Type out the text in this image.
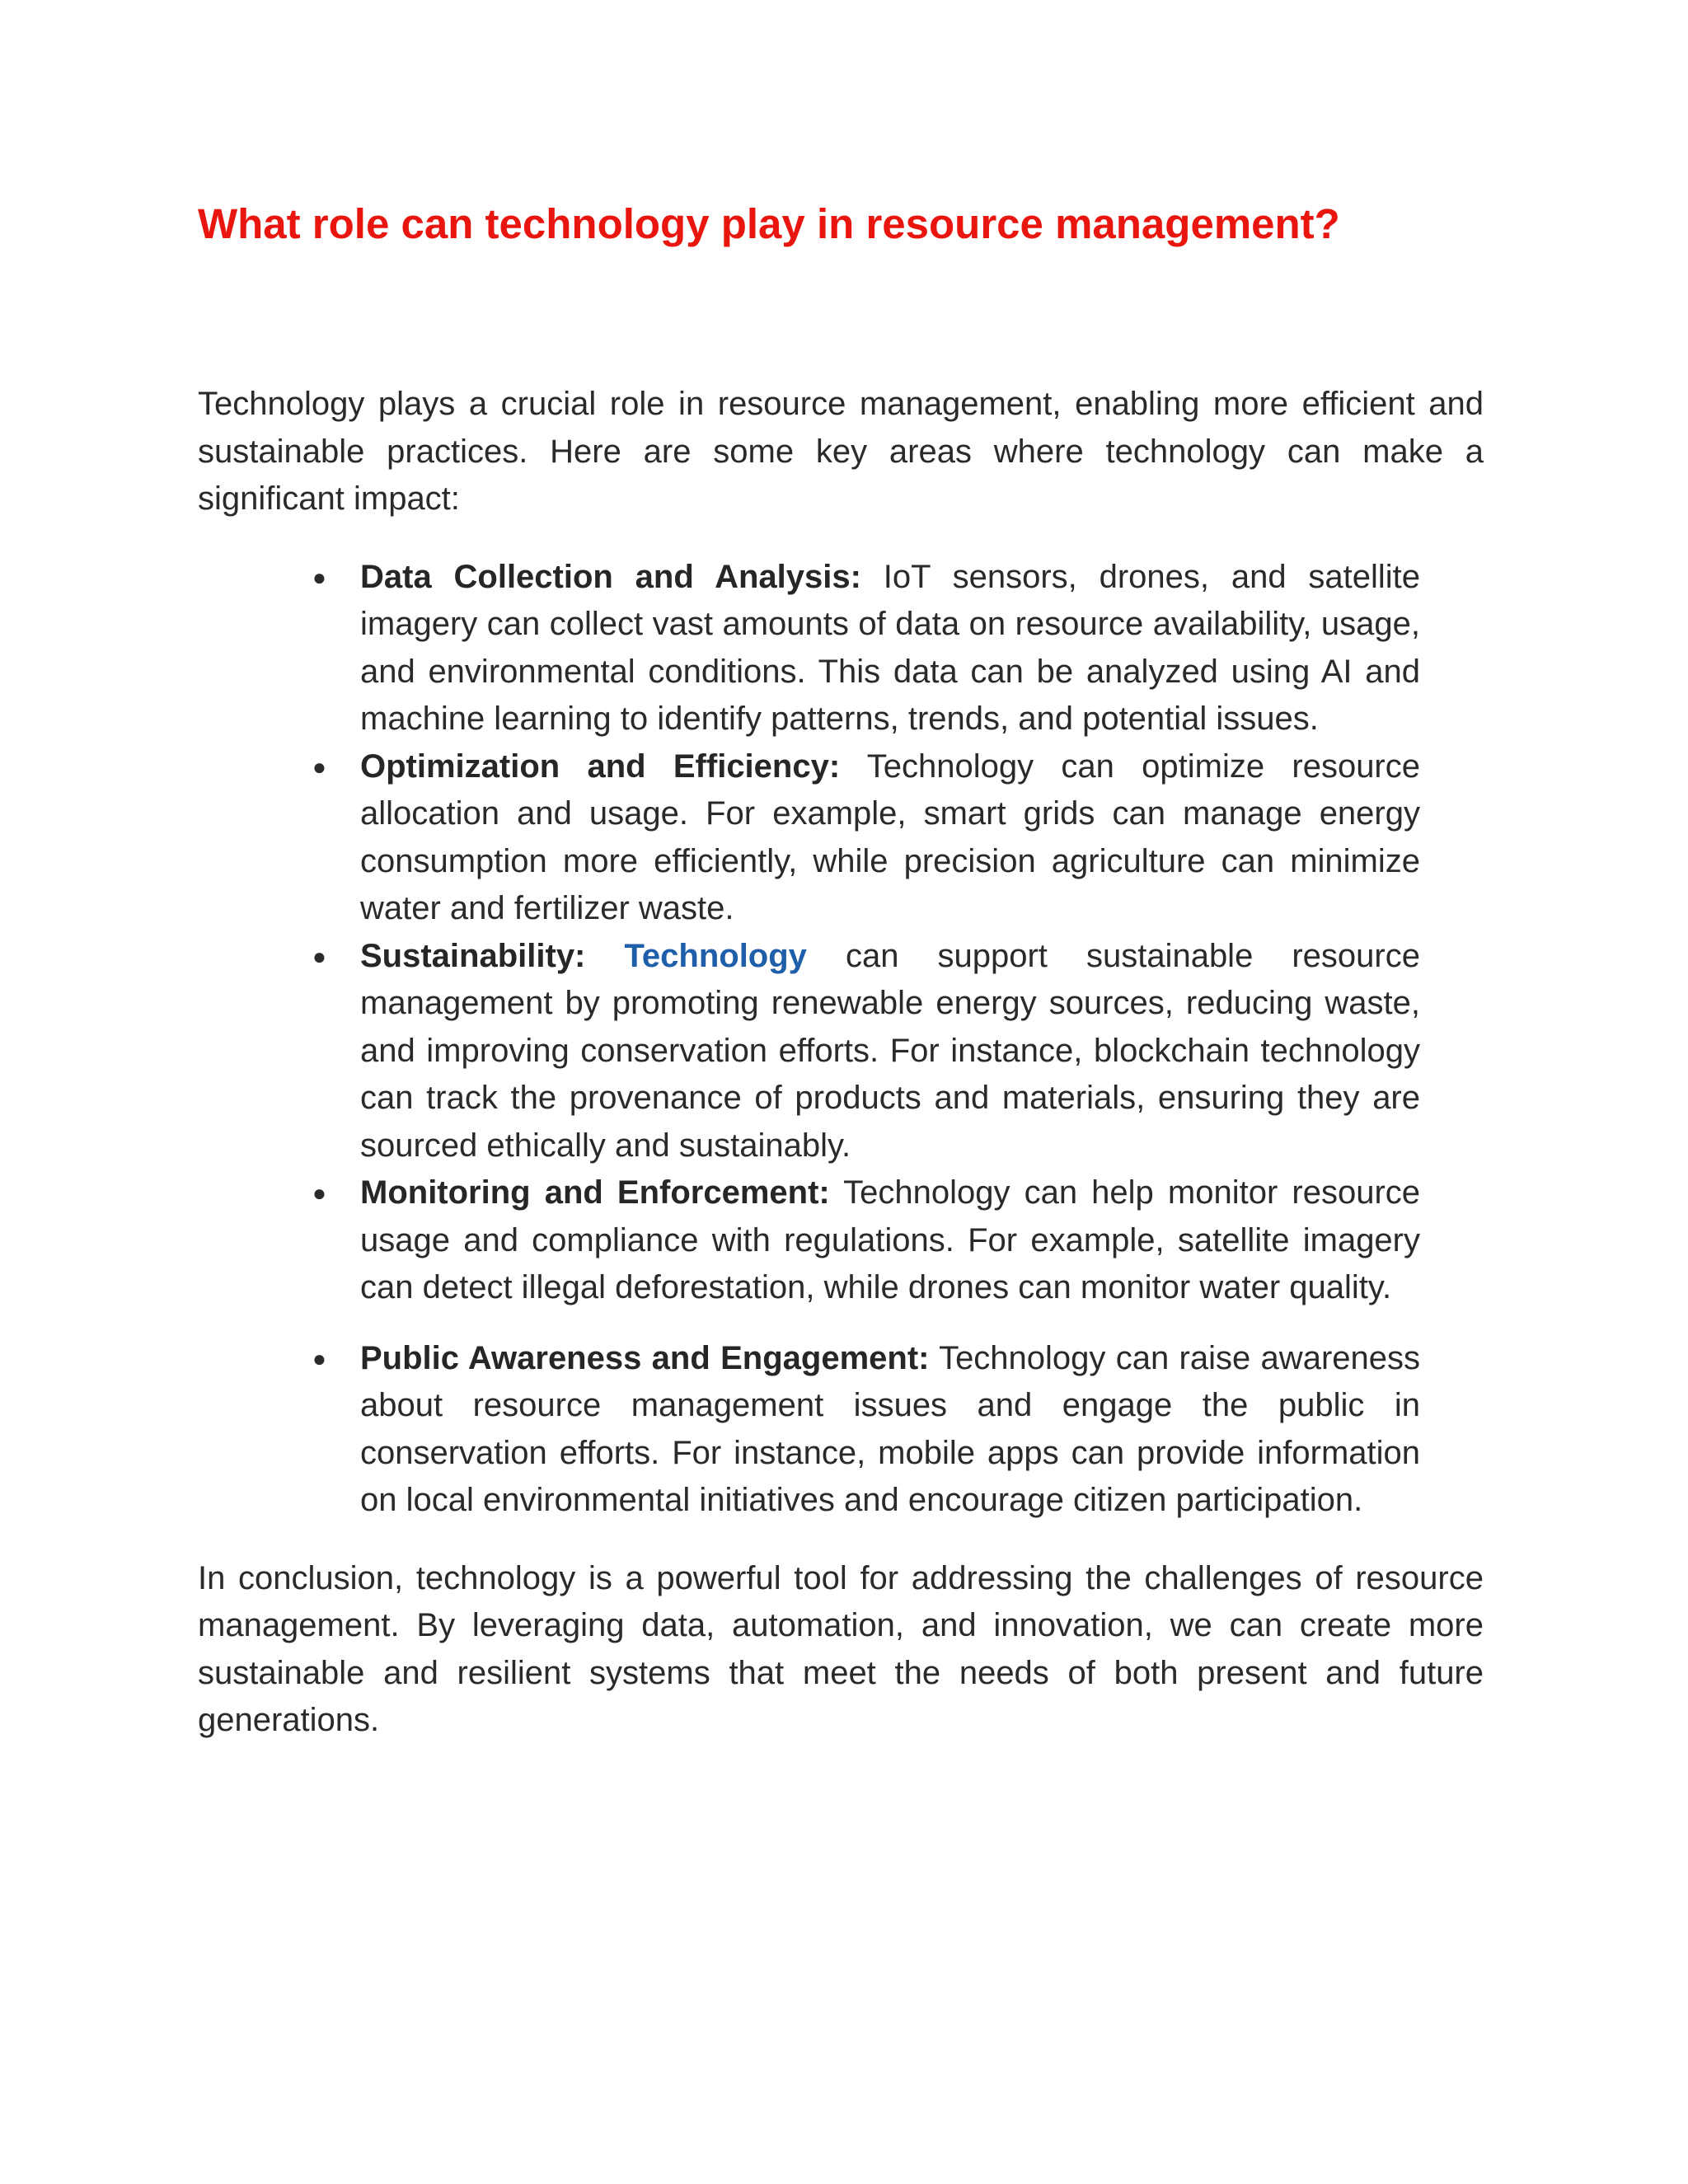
What role can technology play in resource management?

Technology plays a crucial role in resource management, enabling more efficient and sustainable practices. Here are some key areas where technology can make a significant impact:

● Data Collection and Analysis: IoT sensors, drones, and satellite imagery can collect vast amounts of data on resource availability, usage, and environmental conditions. This data can be analyzed using AI and machine learning to identify patterns, trends, and potential issues.
● Optimization and Efficiency: Technology can optimize resource allocation and usage. For example, smart grids can manage energy consumption more efficiently, while precision agriculture can minimize water and fertilizer waste.
● Sustainability: Technology can support sustainable resource management by promoting renewable energy sources, reducing waste, and improving conservation efforts. For instance, blockchain technology can track the provenance of products and materials, ensuring they are sourced ethically and sustainably.
● Monitoring and Enforcement: Technology can help monitor resource usage and compliance with regulations. For example, satellite imagery can detect illegal deforestation, while drones can monitor water quality.
● Public Awareness and Engagement: Technology can raise awareness about resource management issues and engage the public in conservation efforts. For instance, mobile apps can provide information on local environmental initiatives and encourage citizen participation.

In conclusion, technology is a powerful tool for addressing the challenges of resource management. By leveraging data, automation, and innovation, we can create more sustainable and resilient systems that meet the needs of both present and future generations.
